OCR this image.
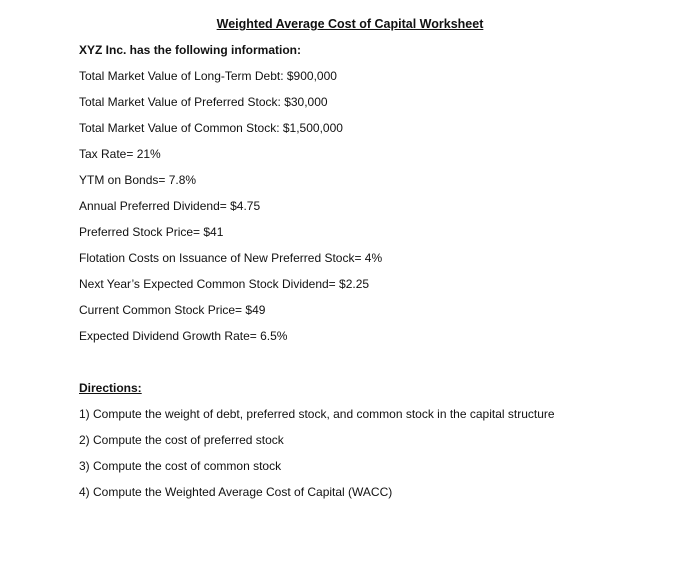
Weighted Average Cost of Capital Worksheet
XYZ Inc. has the following information:
Total Market Value of Long-Term Debt: $900,000
Total Market Value of Preferred Stock: $30,000
Total Market Value of Common Stock: $1,500,000
Tax Rate= 21%
YTM on Bonds= 7.8%
Annual Preferred Dividend= $4.75
Preferred Stock Price= $41
Flotation Costs on Issuance of New Preferred Stock= 4%
Next Year’s Expected Common Stock Dividend= $2.25
Current Common Stock Price= $49
Expected Dividend Growth Rate= 6.5%
Directions:
1) Compute the weight of debt, preferred stock, and common stock in the capital structure
2) Compute the cost of preferred stock
3) Compute the cost of common stock
4) Compute the Weighted Average Cost of Capital (WACC)
